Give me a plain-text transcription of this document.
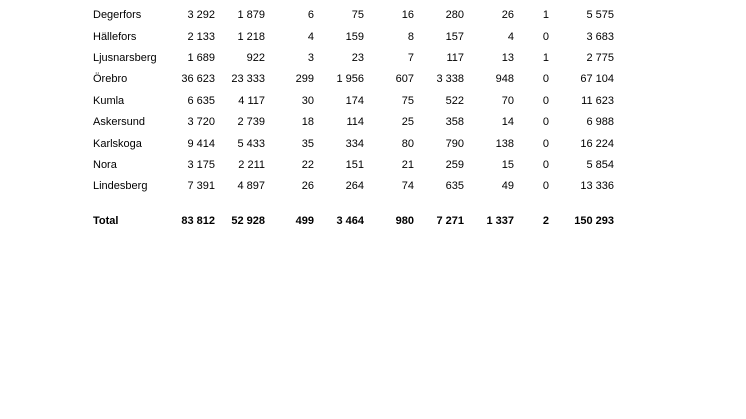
Degerfors	3 292	1 879	6	75	16	280	26	1	5 575
Hällefors	2 133	1 218	4	159	8	157	4	0	3 683
Ljusnarsberg	1 689	922	3	23	7	117	13	1	2 775
Örebro	36 623	23 333	299	1 956	607	3 338	948	0	67 104
Kumla	6 635	4 117	30	174	75	522	70	0	11 623
Askersund	3 720	2 739	18	114	25	358	14	0	6 988
Karlskoga	9 414	5 433	35	334	80	790	138	0	16 224
Nora	3 175	2 211	22	151	21	259	15	0	5 854
Lindesberg	7 391	4 897	26	264	74	635	49	0	13 336

Total	83 812	52 928	499	3 464	980	7 271	1 337	2	150 293
